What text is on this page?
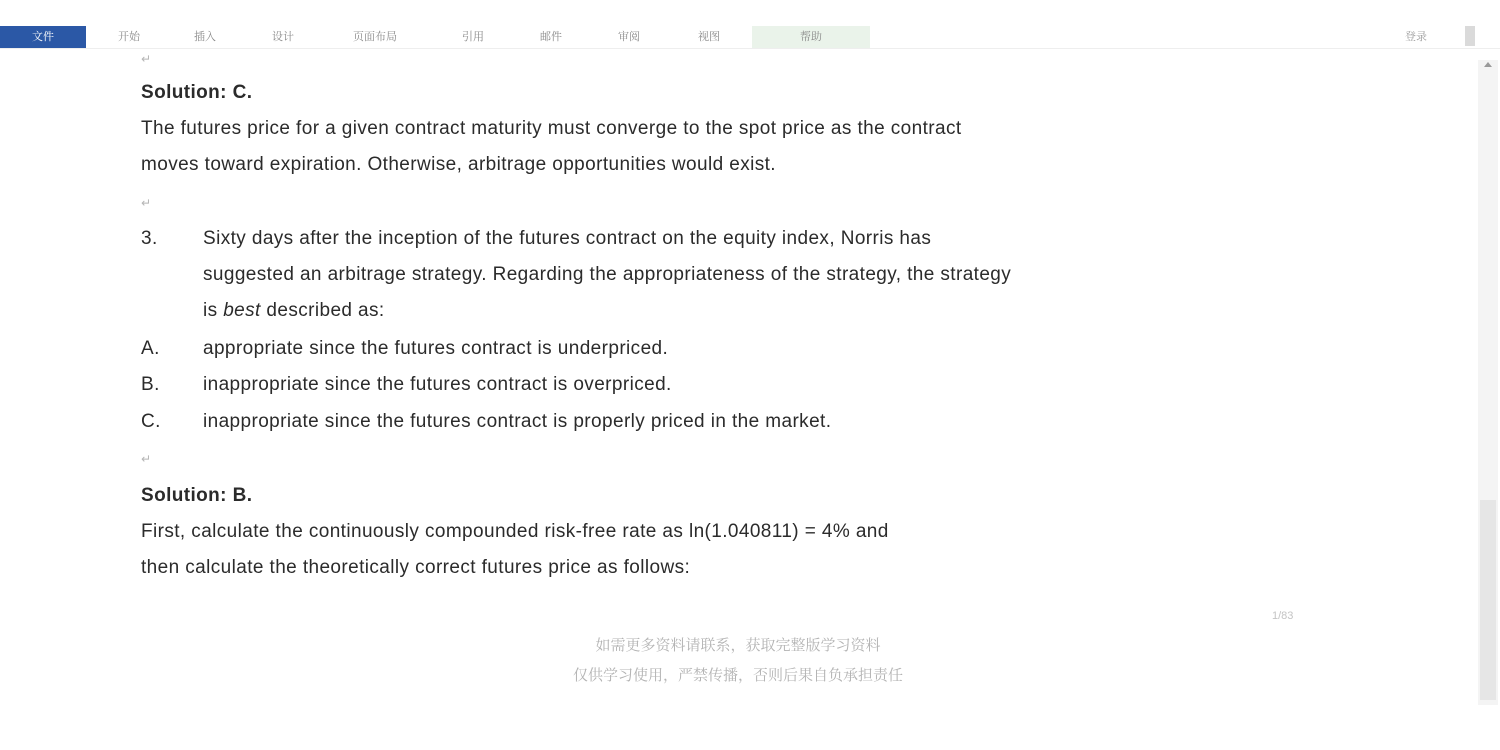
文件	开始	插入	设计	页面布局	引用	邮件	审阅	视图	帮助	登录
↵
Solution: C.
The futures price for a given contract maturity must converge to the spot price as the contract
moves toward expiration. Otherwise, arbitrage opportunities would exist.
↵
3. Sixty days after the inception of the futures contract on the equity index, Norris has
suggested an arbitrage strategy. Regarding the appropriateness of the strategy, the strategy
is best described as:
A. appropriate since the futures contract is underpriced.
B. inappropriate since the futures contract is overpriced.
C. inappropriate since the futures contract is properly priced in the market.
↵
Solution: B.
First, calculate the continuously compounded risk-free rate as ln(1.040811) = 4% and
then calculate the theoretically correct futures price as follows:
1/83
如需更多资料请联系，获取完整版学习资料
仅供学习使用，严禁传播，否则后果自负承担责任
